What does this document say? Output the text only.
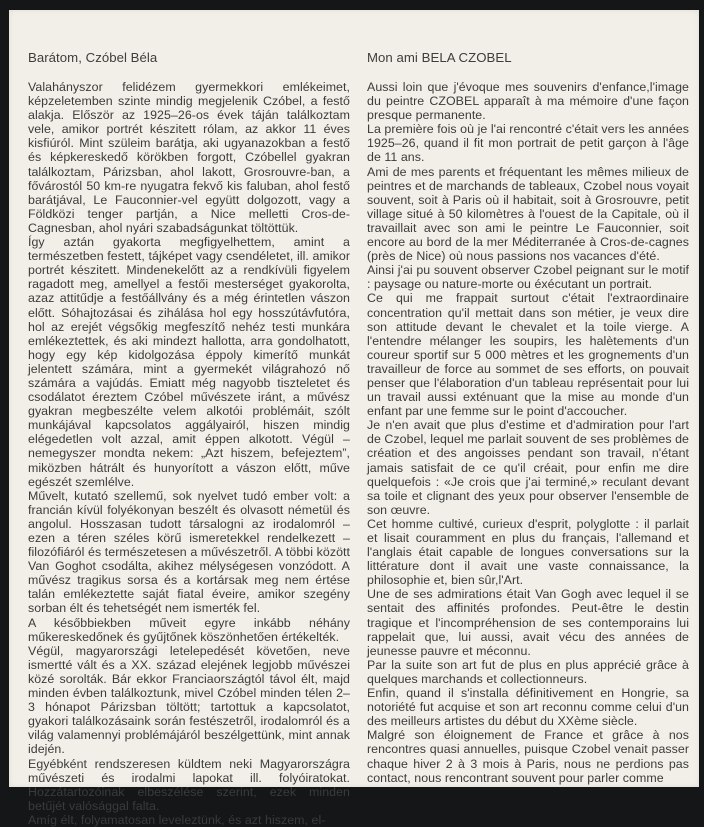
Barátom, Czóbel Béla

Valahányszor felidézem gyermekkori emlékeimet, képzeletemben szinte mindig megjelenik Czóbel, a festő alakja. Először az 1925–26-os évek táján találkoztam vele, amikor portrét készitett rólam, az akkor 11 éves kisfiúról. Mint szüleim barátja, aki ugyanazokban a festő és képkereskedő körökben forgott, Czóbellel gyakran találkoztam, Párizsban, ahol lakott, Grosrouvre-ban, a fővárostól 50 km-re nyugatra fekvő kis faluban, ahol festő barátjával, Le Fauconnier-vel együtt dolgozott, vagy a Földközi tenger partján, a Nice melletti Cros-de-Cagnesban, ahol nyári szabadságunkat töltöttük.

Így aztán gyakorta megfigyelhettem, amint a természetben festett, tájképet vagy csendéletet, ill. amikor portrét készitett. Mindenekelőtt az a rendkívüli figyelem ragadott meg, amellyel a festői mesterséget gyakorolta, azaz attitűdje a festőállvány és a még érintetlen vászon előtt. Sóhajtozásai és zihálása hol egy hosszútávfutóra, hol az erejét végsőkig megfeszítő nehéz testi munkára emlékeztettek, és aki mindezt hallotta, arra gondolhatott, hogy egy kép kidolgozása éppoly kimerítő munkát jelentett számára, mint a gyermekét világrahozó nő számára a vajúdás. Emiatt még nagyobb tiszteletet és csodálatot éreztem Czóbel művészete iránt, a művész gyakran megbeszélte velem alkotói problémáit, szólt munkájával kapcsolatos aggályairól, hiszen mindig elégedetlen volt azzal, amit éppen alkotott. Végül – nemegyszer mondta nekem: „Azt hiszem, befejeztem”, miközben hátrált és hunyorított a vászon előtt, műve egészét szemlélve.

Művelt, kutató szellemű, sok nyelvet tudó ember volt: a francián kívül folyékonyan beszélt és olvasott németül és angolul. Hosszasan tudott társalogni az irodalomról – ezen a téren széles körű ismeretekkel rendelkezett – filozófiáról és természetesen a művészetről. A többi között Van Goghot csodálta, akihez mélységesen vonzódott. A művész tragikus sorsa és a kortársak meg nem értése talán emlékeztette saját fiatal éveire, amikor szegény sorban élt és tehetségét nem ismerték fel.

A későbbiekben műveit egyre inkább néhány műkereskedőnek és gyűjtőnek köszönhetően értékelték.

Végül, magyarországi letelepedését követően, neve ismertté vált és a XX. század elejének legjobb művészei közé sorolták. Bár ekkor Franciaországtól távol élt, majd minden évben találkoztunk, mivel Czóbel minden télen 2–3 hónapot Párizsban töltött; tartottuk a kapcsolatot, gyakori találkozásaink során festészetről, irodalomról és a világ valamennyi problémájáról beszélgettünk, mint annak idején.

Egyébként rendszeresen küldtem neki Magyarországra művészeti és irodalmi lapokat ill. folyóiratokat. Hozzátartozóinak elbeszélése szerint, ezek minden betűjét valósággal falta.

Amíg élt, folyamatosan leveleztünk, és azt hiszem, el-

Mon ami BELA CZOBEL

Aussi loin que j'évoque mes souvenirs d'enfance,l'image du peintre CZOBEL apparaît à ma mémoire d'une façon presque permanente.

La première fois où je l'ai rencontré c'était vers les années 1925–26, quand il fit mon portrait de petit garçon à l'âge de 11 ans.

Ami de mes parents et fréquentant les mêmes milieux de peintres et de marchands de tableaux, Czobel nous voyait souvent, soit à Paris où il habitait, soit à Grosrouvre, petit village situé à 50 kilomètres à l'ouest de la Capitale, où il travaillait avec son ami le peintre Le Fauconnier, soit encore au bord de la mer Méditerranée à Cros-de-cagnes (près de Nice) où nous passions nos vacances d'été.

Ainsi j'ai pu souvent observer Czobel peignant sur le motif : paysage ou nature-morte ou éxécutant un portrait.

Ce qui me frappait surtout c'était l'extraordinaire concentration qu'il mettait dans son métier, je veux dire son attitude devant le chevalet et la toile vierge. A l'entendre mélanger les soupirs, les halètements d'un coureur sportif sur 5 000 mètres et les grognements d'un travailleur de force au sommet de ses efforts, on pouvait penser que l'élaboration d'un tableau représentait pour lui un travail aussi exténuant que la mise au monde d'un enfant par une femme sur le point d'accoucher.

Je n'en avait que plus d'estime et d'admiration pour l'art de Czobel, lequel me parlait souvent de ses problèmes de création et des angoisses pendant son travail, n'étant jamais satisfait de ce qu'il créait, pour enfin me dire quelquefois : «Je crois que j'ai terminé,» reculant devant sa toile et clignant des yeux pour observer l'ensemble de son œuvre.

Cet homme cultivé, curieux d'esprit, polyglotte : il parlait et lisait couramment en plus du français, l'allemand et l'anglais était capable de longues conversations sur la littérature dont il avait une vaste connaissance, la philosophie et, bien sûr,l'Art.

Une de ses admirations était Van Gogh avec lequel il se sentait des affinités profondes. Peut-être le destin tragique et l'incompréhension de ses contemporains lui rappelait que, lui aussi, avait vécu des années de jeunesse pauvre et méconnu.

Par la suite son art fut de plus en plus apprécié grâce à quelques marchands et collectionneurs.

Enfin, quand il s'installa définitivement en Hongrie, sa notoriété fut acquise et son art reconnu comme celui d'un des meilleurs artistes du début du XXème siècle.

Malgré son éloignement de France et grâce à nos rencontres quasi annuelles, puisque Czobel venait passer chaque hiver 2 à 3 mois à Paris, nous ne perdions pas contact, nous rencontrant souvent pour parler comme
